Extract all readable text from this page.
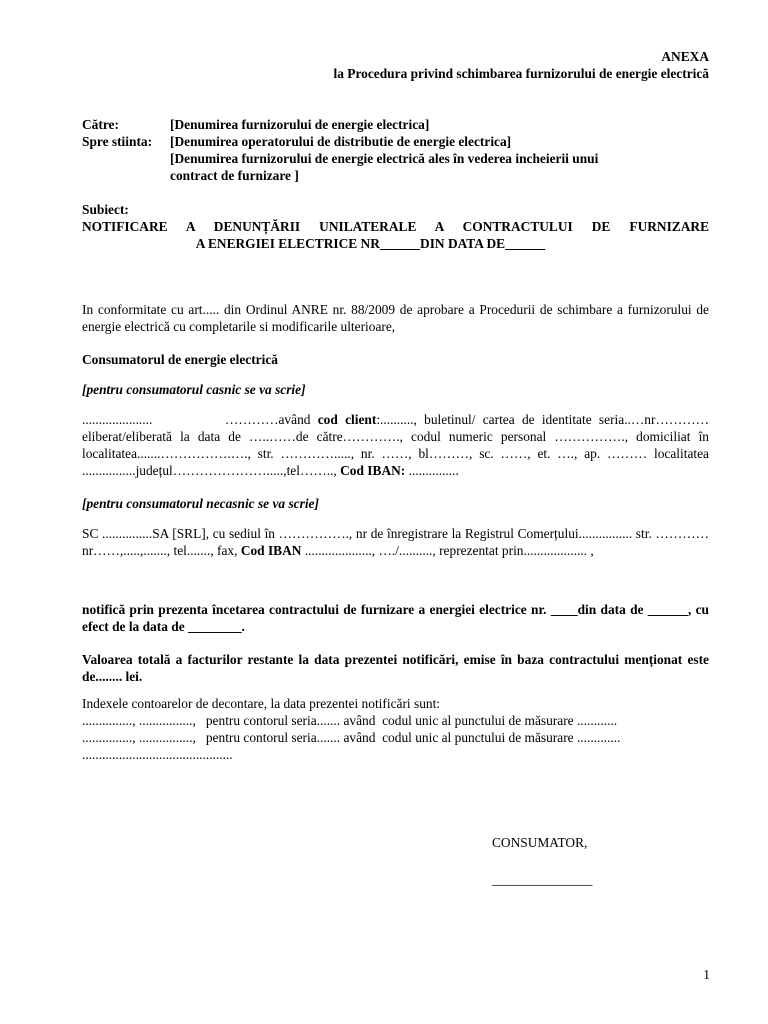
ANEXA

la Procedura privind schimbarea furnizorului de energie electrică

Către:	[Denumirea furnizorului de energie electrica]
Spre stiinta:	[Denumirea operatorului de distributie de energie electrica]

[Denumirea furnizorului de energie electrică ales în vederea incheierii unui

contract de furnizare ]

Subiect:

NOTIFICARE A DENUNȚĂRII UNILATERALE A CONTRACTULUI DE FURNIZARE

A ENERGIEI ELECTRICE NR______DIN DATA DE______

In conformitate cu art..... din Ordinul ANRE nr. 88/2009 de aprobare a Procedurii de schimbare a furnizorului de energie electrică cu completarile si modificarile ulterioare,

Consumatorul de energie electrică

[pentru consumatorul casnic se va scrie]

.....................          …………având cod client:.........., buletinul/ cartea de identitate seria..…nr…………eliberat/eliberată la data de …..……de către…………., codul numeric personal ……………., domiciliat în localitatea.......…………….…., str. …………....., nr. ……, bl………, sc. ……, et. …., ap. ……… localitatea ................județul………………….....,tel…….., Cod IBAN: ...............

[pentru consumatorul necasnic se va scrie]

SC ...............SA [SRL], cu sediul în ……………., nr de înregistrare la Registrul Comerțului................ str. …………nr……,.....,......., tel......., fax, Cod IBAN ...................., …./.........., reprezentat prin................... ,

notifică prin prezenta încetarea contractului de furnizare a energiei electrice nr. ____din data de ______, cu efect de la data de ________.

Valoarea totală a facturilor restante la data prezentei notificări, emise în baza contractului menționat este de........ lei.

Indexele contoarelor de decontare, la data prezentei notificări sunt:

..............., ................,   pentru contorul seria....... având  codul unic al punctului de măsurare ............

..............., ................,   pentru contorul seria....... având  codul unic al punctului de măsurare .............

.............................................

CONSUMATOR,

_______________

1
